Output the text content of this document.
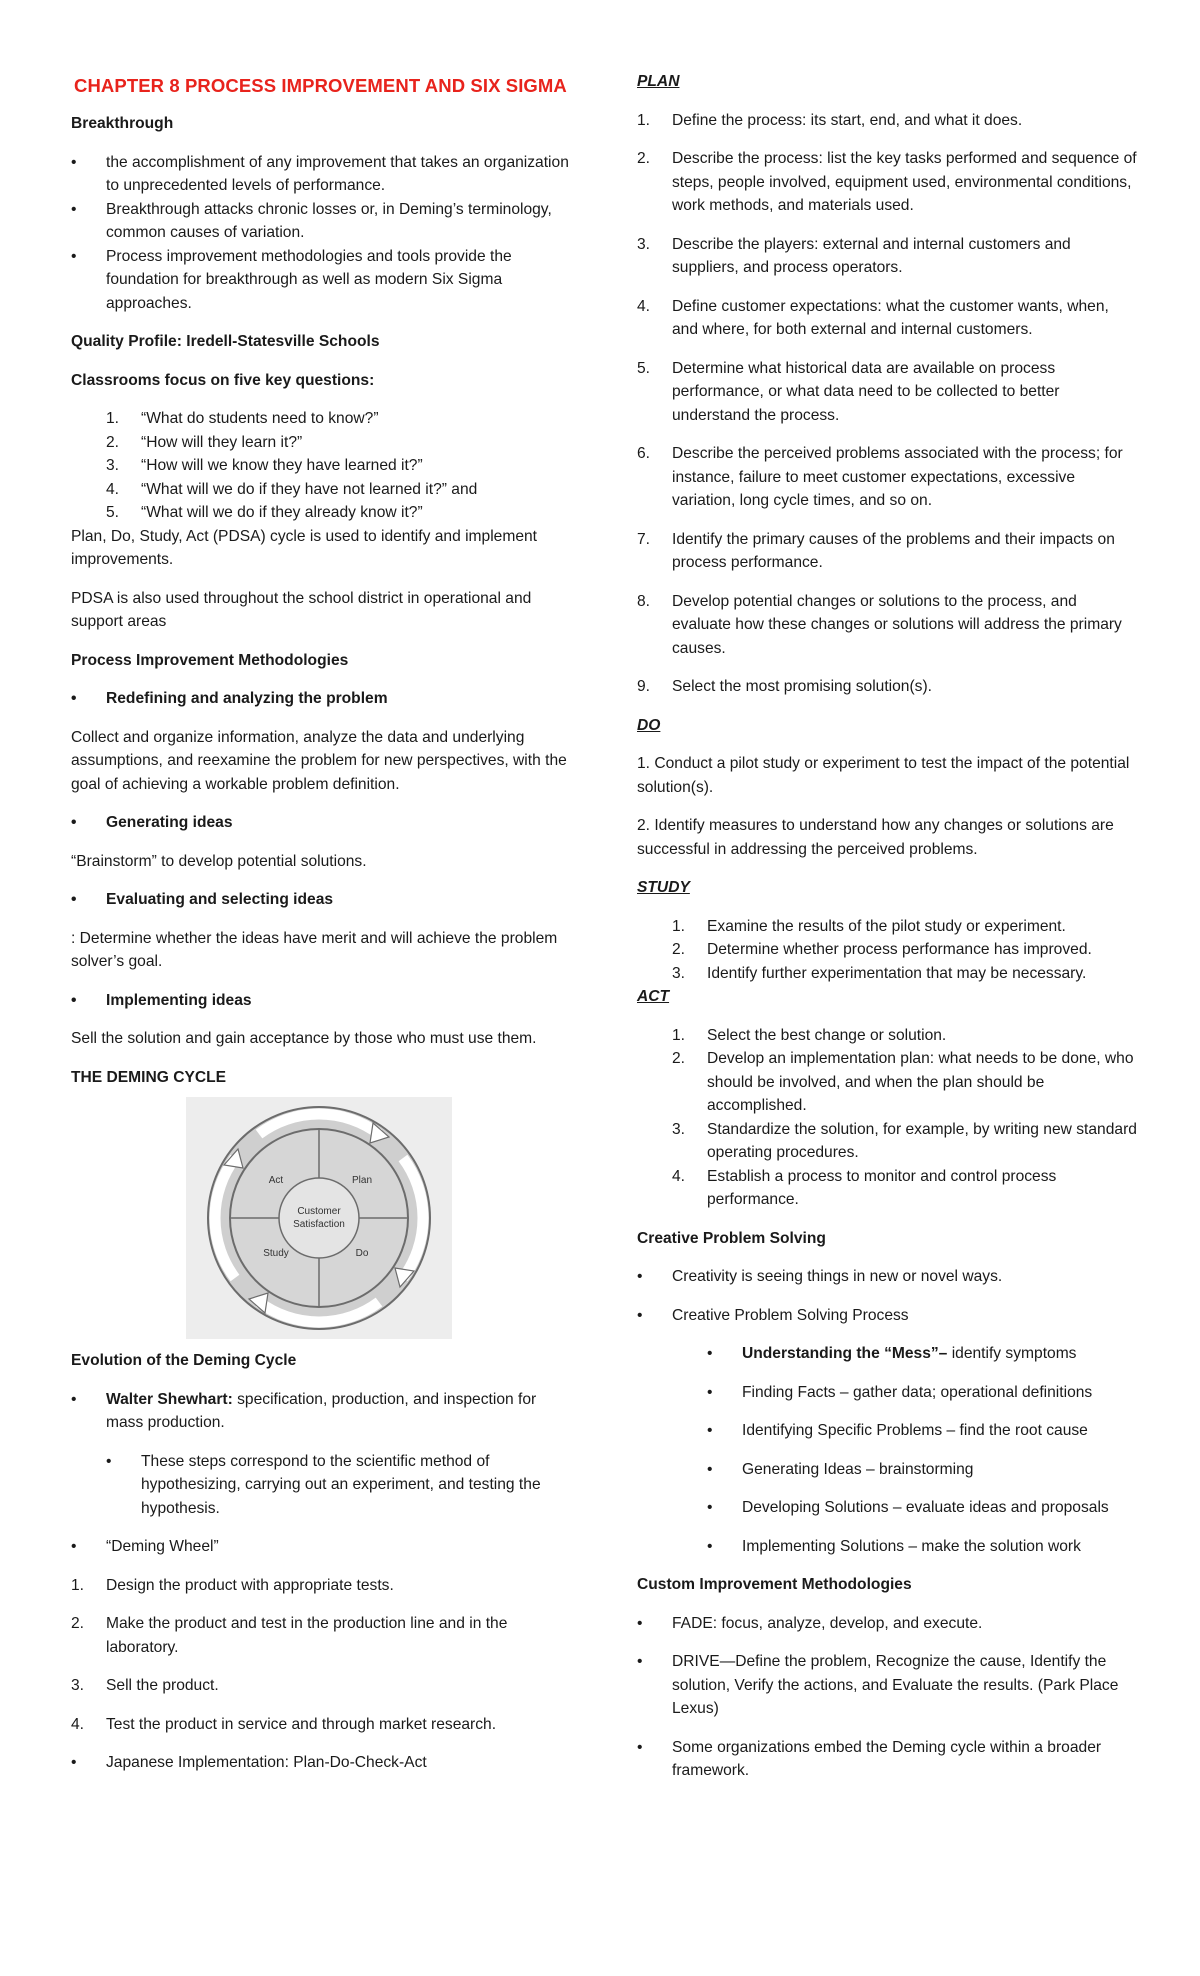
CHAPTER 8 PROCESS IMPROVEMENT AND SIX SIGMA

Breakthrough

•	the accomplishment of any improvement that takes an organization to unprecedented levels of performance.
•	Breakthrough attacks chronic losses or, in Deming’s terminology, common causes of variation.
•	Process improvement methodologies and tools provide the foundation for breakthrough as well as modern Six Sigma approaches.

Quality Profile: Iredell-Statesville Schools

Classrooms focus on five key questions:

1.	“What do students need to know?”
2.	“How will they learn it?”
3.	“How will we know they have learned it?”
4.	“What will we do if they have not learned it?” and
5.	“What will we do if they already know it?”

Plan, Do, Study, Act (PDSA) cycle is used to identify and implement improvements.

PDSA is also used throughout the school district in operational and support areas

Process Improvement Methodologies

•	Redefining and analyzing the problem

Collect and organize information, analyze the data and underlying assumptions, and reexamine the problem for new perspectives, with the goal of achieving a workable problem definition.

•	Generating ideas

“Brainstorm” to develop potential solutions.

•	Evaluating and selecting ideas

: Determine whether the ideas have merit and will achieve the problem solver’s goal.

•	Implementing ideas

Sell the solution and gain acceptance by those who must use them.

THE DEMING CYCLE

Customer
Satisfaction
Act	Plan
Study	Do

Evolution of the Deming Cycle

•	Walter Shewhart: specification, production, and inspection for mass production.
•	These steps correspond to the scientific method of hypothesizing, carrying out an experiment, and testing the hypothesis.
•	“Deming Wheel”
1.	Design the product with appropriate tests.
2.	Make the product and test in the production line and in the laboratory.
3.	Sell the product.
4.	Test the product in service and through market research.
•	Japanese Implementation: Plan-Do-Check-Act

PLAN

1.	Define the process: its start, end, and what it does.
2.	Describe the process: list the key tasks performed and sequence of steps, people involved, equipment used, environmental conditions, work methods, and materials used.
3.	Describe the players: external and internal customers and suppliers, and process operators.
4.	Define customer expectations: what the customer wants, when, and where, for both external and internal customers.
5.	Determine what historical data are available on process performance, or what data need to be collected to better understand the process.
6.	Describe the perceived problems associated with the process; for instance, failure to meet customer expectations, excessive variation, long cycle times, and so on.
7.	Identify the primary causes of the problems and their impacts on process performance.
8.	Develop potential changes or solutions to the process, and evaluate how these changes or solutions will address the primary causes.
9.	Select the most promising solution(s).

DO

1. Conduct a pilot study or experiment to test the impact of the potential solution(s).

2. Identify measures to understand how any changes or solutions are successful in addressing the perceived problems.

STUDY

1.	Examine the results of the pilot study or experiment.
2.	Determine whether process performance has improved.
3.	Identify further experimentation that may be necessary.

ACT

1.	Select the best change or solution.
2.	Develop an implementation plan: what needs to be done, who should be involved, and when the plan should be accomplished.
3.	Standardize the solution, for example, by writing new standard operating procedures.
4.	Establish a process to monitor and control process performance.

Creative Problem Solving

•	Creativity is seeing things in new or novel ways.
•	Creative Problem Solving Process
•	Understanding the “Mess”– identify symptoms
•	Finding Facts – gather data; operational definitions
•	Identifying Specific Problems – find the root cause
•	Generating Ideas – brainstorming
•	Developing Solutions – evaluate ideas and proposals
•	Implementing Solutions – make the solution work

Custom Improvement Methodologies

•	FADE: focus, analyze, develop, and execute.
•	DRIVE—Define the problem, Recognize the cause, Identify the solution, Verify the actions, and Evaluate the results. (Park Place Lexus)
•	Some organizations embed the Deming cycle within a broader framework.
